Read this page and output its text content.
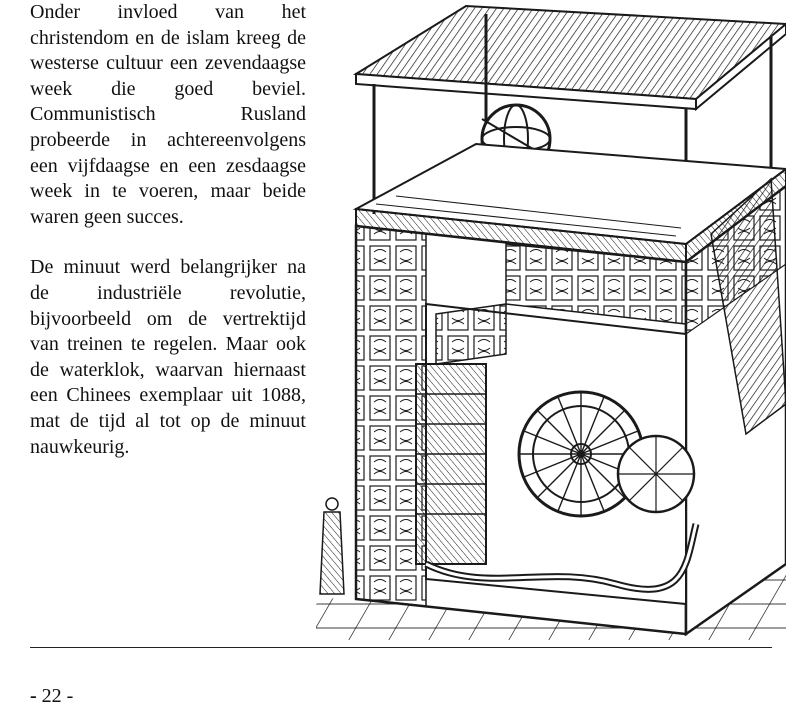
Onder invloed van het christendom en de islam kreeg de westerse cultuur een zevendaagse week die goed beviel. Communistisch Rusland probeerde in achtereenvolgens een vijfdaagse en een zesdaagse week in te voeren, maar beide waren geen succes.

De minuut werd belangrijker na de industriële revolutie, bijvoorbeeld om de vertrektijd van treinen te regelen. Maar ook de waterklok, waarvan hiernaast een Chinees exemplaar uit 1088, mat de tijd al tot op de minuut nauwkeurig.

- 22 -
